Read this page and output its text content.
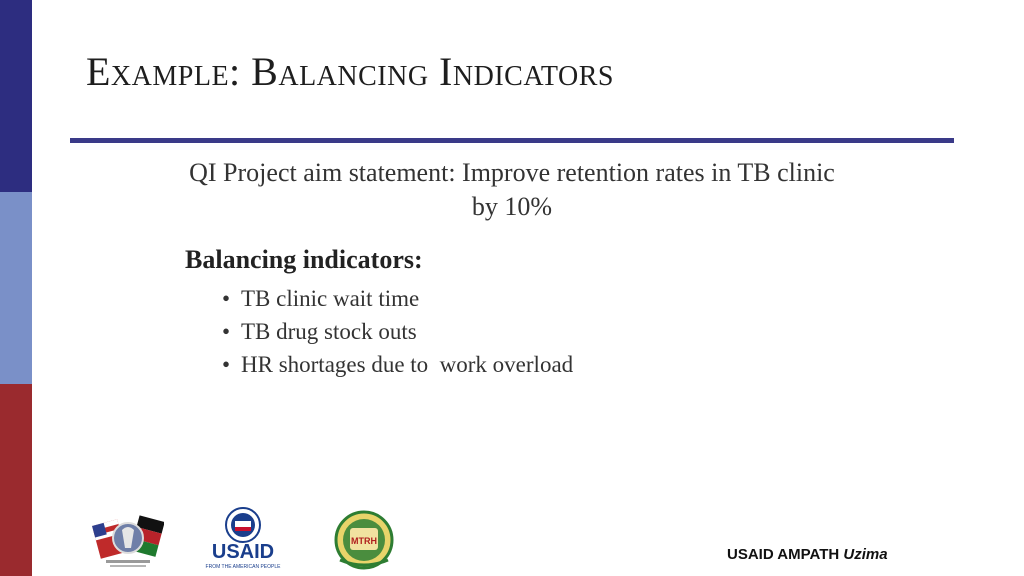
Example: Balancing Indicators

QI Project aim statement: Improve retention rates in TB clinic by 10%

Balancing indicators:

• TB clinic wait time
• TB drug stock outs
• HR shortages due to  work overload
USAID
FROM THE AMERICAN PEOPLE
MTRH
USAID AMPATH Uzima
